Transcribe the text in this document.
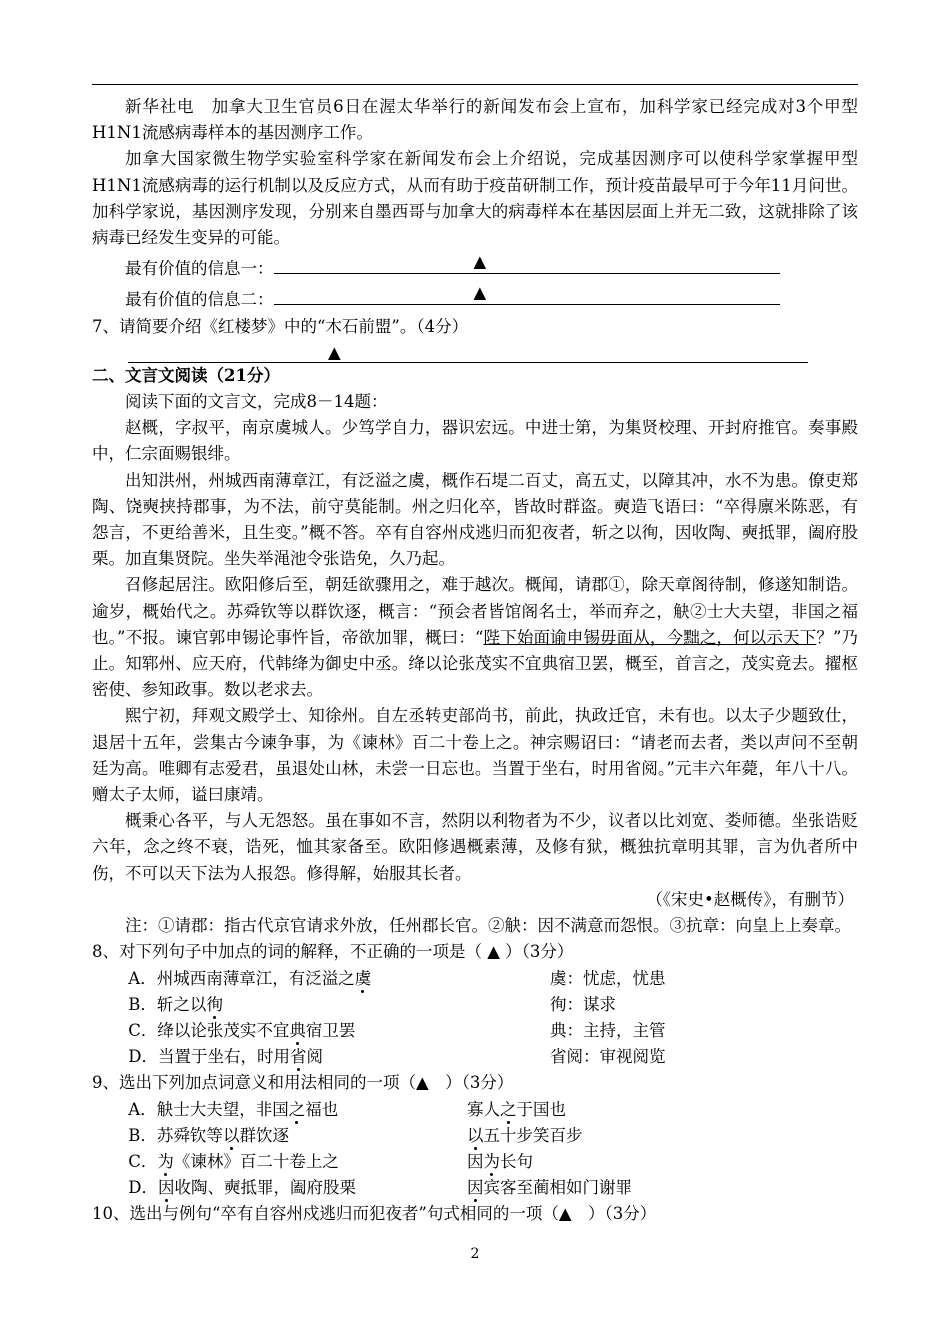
新华社电　加拿大卫生官员6日在渥太华举行的新闻发布会上宣布，加科学家已经完成对3个甲型H1N1流感病毒样本的基因测序工作。

加拿大国家微生物学实验室科学家在新闻发布会上介绍说，完成基因测序可以使科学家掌握甲型H1N1流感病毒的运行机制以及反应方式，从而有助于疫苗研制工作，预计疫苗最早可于今年11月问世。加科学家说，基因测序发现，分别来自墨西哥与加拿大的病毒样本在基因层面上并无二致，这就排除了该病毒已经发生变异的可能。

最有价值的信息一：	▲

最有价值的信息二：	▲

7、请简要介绍《红楼梦》中的“木石前盟”。（4分）

▲

二、文言文阅读（21分）

阅读下面的文言文，完成8－14题：

赵概，字叔平，南京虞城人。少笃学自力，器识宏远。中进士第，为集贤校理、开封府推官。奏事殿中，仁宗面赐银绯。

出知洪州，州城西南薄章江，有泛溢之虞，概作石堤二百丈，高五丈，以障其冲，水不为患。僚吏郑陶、饶奭挟持郡事，为不法，前守莫能制。州之归化卒，皆故时群盗。奭造飞语曰：“卒得廪米陈恶，有怨言，不更给善米，且生变。”概不答。卒有自容州戍逃归而犯夜者，斩之以徇，因收陶、奭抵罪，阖府股栗。加直集贤院。坐失举渑池令张诰免，久乃起。

召修起居注。欧阳修后至，朝廷欲骤用之，难于越次。概闻，请郡①，除天章阁待制，修遂知制诰。逾岁，概始代之。苏舜钦等以群饮逐，概言：“预会者皆馆阁名士，举而弃之，觖②士大夫望，非国之福也。”不报。谏官郭申锡论事忤旨，帝欲加罪，概曰：“陛下始面谕申锡毋面从，今黜之，何以示天下？”乃止。知郓州、应天府，代韩绛为御史中丞。绛以论张茂实不宜典宿卫罢，概至，首言之，茂实竟去。擢枢密使、参知政事。数以老求去。

熙宁初，拜观文殿学士、知徐州。自左丞转吏部尚书，前此，执政迁官，未有也。以太子少题致仕，退居十五年，尝集古今谏争事，为《谏林》百二十卷上之。神宗赐诏曰：“请老而去者，类以声问不至朝廷为高。唯卿有志爱君，虽退处山林，未尝一日忘也。当置于坐右，时用省阅。”元丰六年薨，年八十八。赠太子太师，谥曰康靖。

概秉心各平，与人无怨怒。虽在事如不言，然阴以利物者为不少，议者以比刘宽、娄师德。坐张诰贬六年，念之终不衰，诰死，恤其家备至。欧阳修遇概素薄，及修有狱，概独抗章明其罪，言为仇者所中伤，不可以天下法为人报怨。修得解，始服其长者。

（《宋史•赵概传》，有删节）

注：①请郡：指古代京官请求外放，任州郡长官。②觖：因不满意而怨恨。③抗章：向皇上上奏章。

8、对下列句子中加点的词的解释，不正确的一项是（ ▲ ）（3分）

A．州城西南薄章江，有泛溢之虞	虞：忧虑，忧患

B．斩之以徇	徇：谋求

C．绛以论张茂实不宜典宿卫罢	典：主持，主管

D．当置于坐右，时用省阅	省阅：审视阅览

9、选出下列加点词意义和用法相同的一项（▲　）（3分）

A．觖士大夫望，非国之福也	寡人之于国也

B．苏舜钦等以群饮逐	以五十步笑百步

C．为《谏林》百二十卷上之	因为长句

D．因收陶、奭抵罪，阖府股栗	因宾客至蔺相如门谢罪

10、选出与例句“卒有自容州戍逃归而犯夜者”句式相同的一项（▲　）（3分）

2
